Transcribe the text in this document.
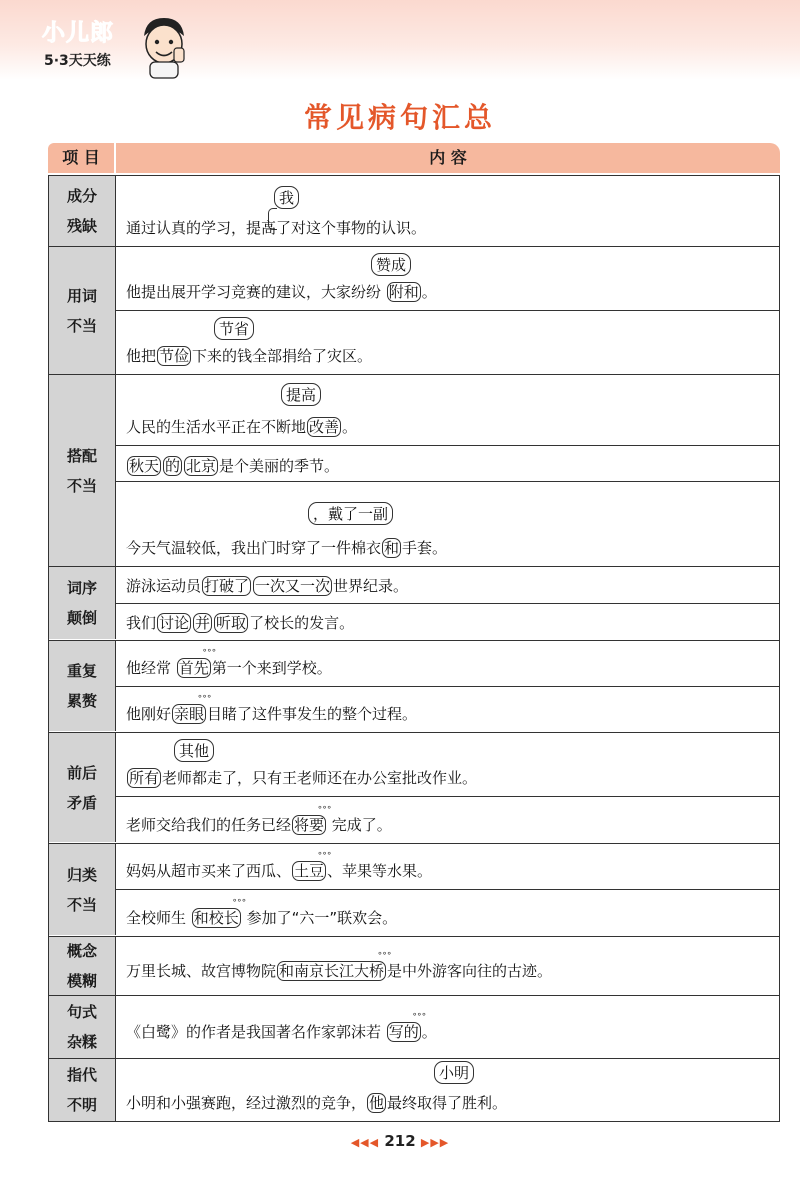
小儿郎
5·3天天练
常见病句汇总
项 目	内 容
成分
残缺
我
通过认真的学习，提高了对这个事物的认识。
用词
不当
赞成
他提出展开学习竞赛的建议，大家纷纷 附和 。
节省
他把 节俭 下来的钱全部捐给了灾区。
搭配
不当
提高
人民的生活水平正在不断地 改善 。
秋天 的 北京 是个美丽的季节。
，戴了一副
今天气温较低，我出门时穿了一件棉衣 和 手套。
词序
颠倒
游泳运动员 打破了 一次又一次 世界纪录。
我们 讨论 并 听取 了校长的发言。
重复
累赘
他经常 首先 ∘∘∘ 第一个来到学校。
他刚好 亲眼 ∘∘∘ 目睹了这件事发生的整个过程。
前后
矛盾
其他
所有 老师都走了，只有王老师还在办公室批改作业。
老师交给我们的任务已经 将要 ∘∘∘ 完成了。
归类
不当
妈妈从超市买来了西瓜、 土豆 ∘∘∘ 、苹果等水果。
全校师生 和校长 ∘∘∘ 参加了“六一”联欢会。
概念
模糊
万里长城、故宫博物院 和南京长江大桥 ∘∘∘ 是中外游客向往的古迹。
句式
杂糅
《白鹭》的作者是我国著名作家郭沫若 写的 ∘∘∘ 。
指代
不明
小明
小明和小强赛跑，经过激烈的竞争， 他 最终取得了胜利。
◀◀◀ 212 ▶▶▶
